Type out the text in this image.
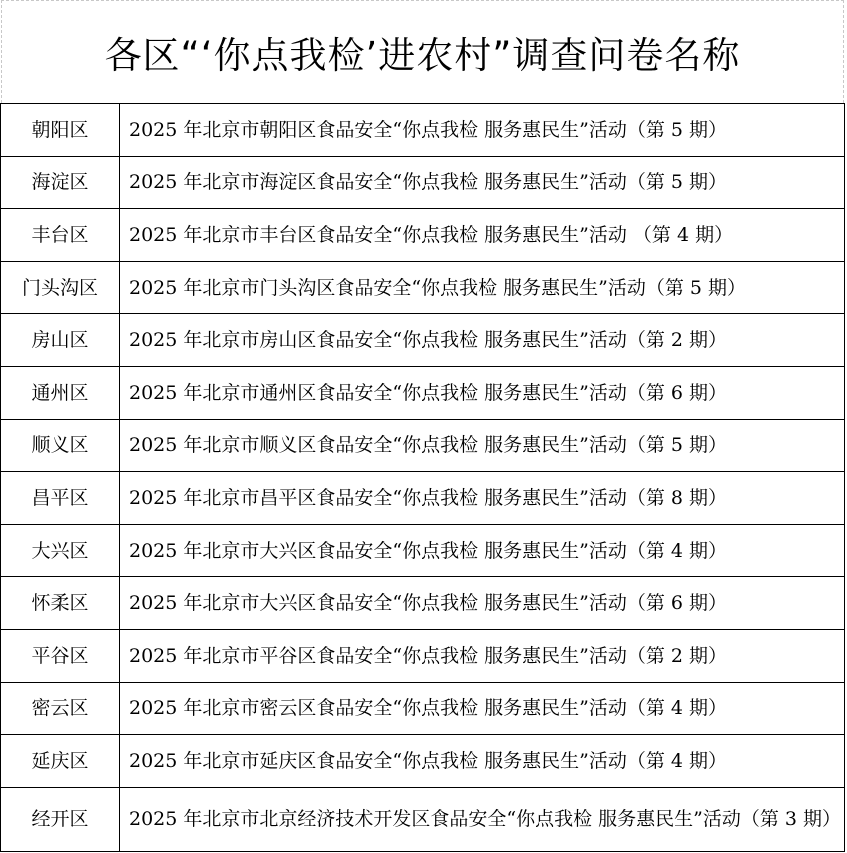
各区“‘你点我检’进农村”调查问卷名称
朝阳区	2025 年北京市朝阳区食品安全“你点我检 服务惠民生”活动（第 5 期）
海淀区	2025 年北京市海淀区食品安全“你点我检 服务惠民生”活动（第 5 期）
丰台区	2025 年北京市丰台区食品安全“你点我检 服务惠民生”活动 （第 4 期）
门头沟区	2025 年北京市门头沟区食品安全“你点我检 服务惠民生”活动（第 5 期）
房山区	2025 年北京市房山区食品安全“你点我检 服务惠民生”活动（第 2 期）
通州区	2025 年北京市通州区食品安全“你点我检 服务惠民生”活动（第 6 期）
顺义区	2025 年北京市顺义区食品安全“你点我检 服务惠民生”活动（第 5 期）
昌平区	2025 年北京市昌平区食品安全“你点我检 服务惠民生”活动（第 8 期）
大兴区	2025 年北京市大兴区食品安全“你点我检 服务惠民生”活动（第 4 期）
怀柔区	2025 年北京市大兴区食品安全“你点我检 服务惠民生”活动（第 6 期）
平谷区	2025 年北京市平谷区食品安全“你点我检 服务惠民生”活动（第 2 期）
密云区	2025 年北京市密云区食品安全“你点我检 服务惠民生”活动（第 4 期）
延庆区	2025 年北京市延庆区食品安全“你点我检 服务惠民生”活动（第 4 期）
经开区	2025 年北京市北京经济技术开发区食品安全“你点我检 服务惠民生”活动（第 3 期）
